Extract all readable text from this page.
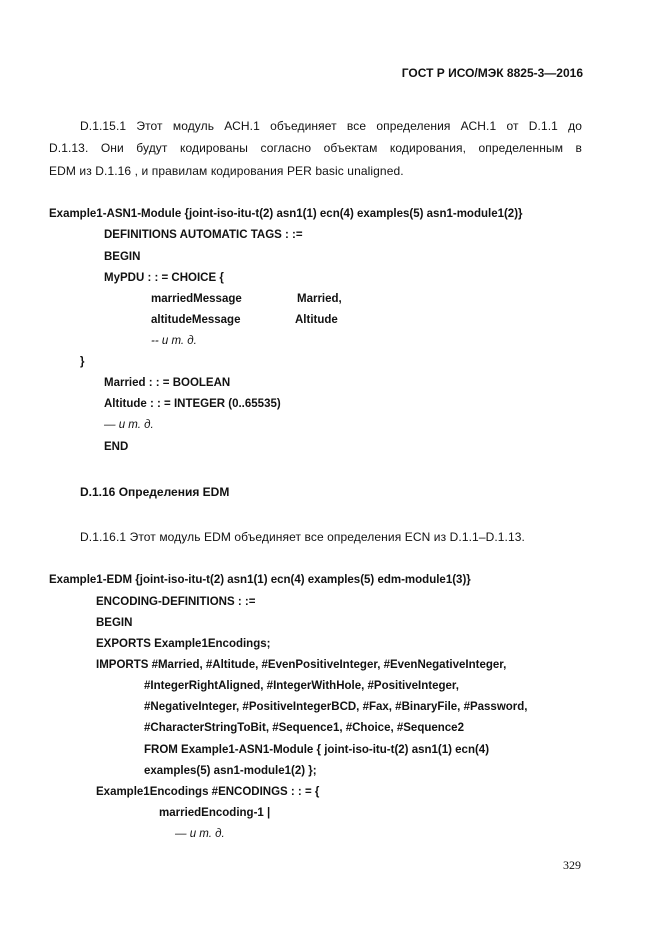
ГОСТ Р ИСО/МЭК 8825-3—2016
D.1.15.1 Этот модуль АСН.1 объединяет все определения АСН.1 от D.1.1 до
D.1.13. Они будут кодированы согласно объектам кодирования, определенным в
EDM из D.1.16 , и правилам кодирования PER basic unaligned.
Example1-ASN1-Module {joint-iso-itu-t(2) asn1(1) ecn(4) examples(5) asn1-module1(2)}
DEFINITIONS AUTOMATIC TAGS : :=
BEGIN
MyPDU : : = CHOICE {
marriedMessage	Married,
altitudeMessage	Altitude
-- и т. д.
}
Married : : = BOOLEAN
Altitude : : = INTEGER (0..65535)
— и т. д.
END
D.1.16 Определения EDM
D.1.16.1 Этот модуль EDM объединяет все определения ECN из D.1.1–D.1.13.
Example1-EDM {joint-iso-itu-t(2) asn1(1) ecn(4) examples(5) edm-module1(3)}
ENCODING-DEFINITIONS : :=
BEGIN
EXPORTS Example1Encodings;
IMPORTS #Married, #Altitude, #EvenPositiveInteger, #EvenNegativeInteger,
#IntegerRightAligned, #IntegerWithHole, #PositiveInteger,
#NegativeInteger, #PositiveIntegerBCD, #Fax, #BinaryFile, #Password,
#CharacterStringToBit, #Sequence1, #Choice, #Sequence2
FROM Example1-ASN1-Module { joint-iso-itu-t(2) asn1(1) ecn(4)
examples(5) asn1-module1(2) };
Example1Encodings #ENCODINGS : : = {
marriedEncoding-1 |
— и т. д.
329
